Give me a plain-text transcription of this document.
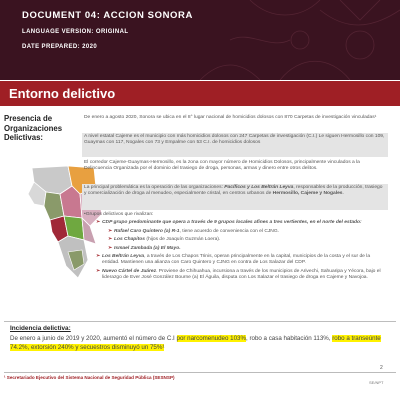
DOCUMENT 04: ACCION SONORA
LANGUAGE VERSION: ORIGINAL
DATE PREPARED: 2020
Entorno delictivo
Presencia de Organizaciones Delictivas:
De enero a agosto 2020, Sonora se ubica en el 8° lugar nacional de homicidios dolosos con 870 Carpetas de investigación vinculadas¹
A nivel estatal Cajeme es el municipio con más homicidios dolosos con 247 Carpetas de investigación (C.I.) Le siguen Hermosillo con 109, Guaymas con 117, Nogales con 73 y Empalme con 53 C.I. de homicidios dolosos
El corredor Cajeme-Guaymas-Hermosillo, es la zona con mayor número de Homicidios Dolosos, principalmente vinculados a la Delincuencia Organizada por el dominio del trasiego de droga, personas, armas y dinero entre otros delitos.
La principal problemática es la operación de las organizaciones: Pacíficos y Los Beltrán Leyva, responsables de la producción, trasiego y comercialización de droga al menudeo, especialmente cristal, en centros urbanos de Hermosillo, Cajeme y Nogales.
•Grupos delictivos que rivalizan:
➢ CDP grupo predominante que opera a través de 9 grupos locales afines a tres vertientes, en el norte del estado:
➢ Rafael Caro Quintero (a) R-1, tiene acuerdo de conveniencia con el CJNG.
➢ Los Chapitos (hijos de Joaquín Guzmán Loera).
➢ Ismael Zambada (a) El Mayo.
➢ Los Beltrán Leyva, a través de Los Chapos Trinis, operan principalmente en la capital, municipios de la costa y el sur de la entidad. Mantienen una alianza con Caro Quintero y CJNG en contra de Los Salazar del CDP.
➢ Nuevo Cártel de Juárez. Proviene de Chihuahua, incursiona a través de los municipios de Arivechi, Sahuaripa y Yécora, bajo el liderazgo de Ever José González Bourne (a) El Águila, disputa con Los Salazar el trasiego de droga en Cajeme y Navojoa.
Incidencia delictiva:
De enero a junio de 2019 y 2020, aumentó el número de C.I por narcomenudeo 103%, robo a casa habitación 113%, robo a transeúnte 74.2%, extorsión 240% y secuestros disminuyó un 75%¹
2
¹ Secretariado Ejecutivo del Sistema Nacional de Seguridad Pública (SESNSP)
SE/NPT
